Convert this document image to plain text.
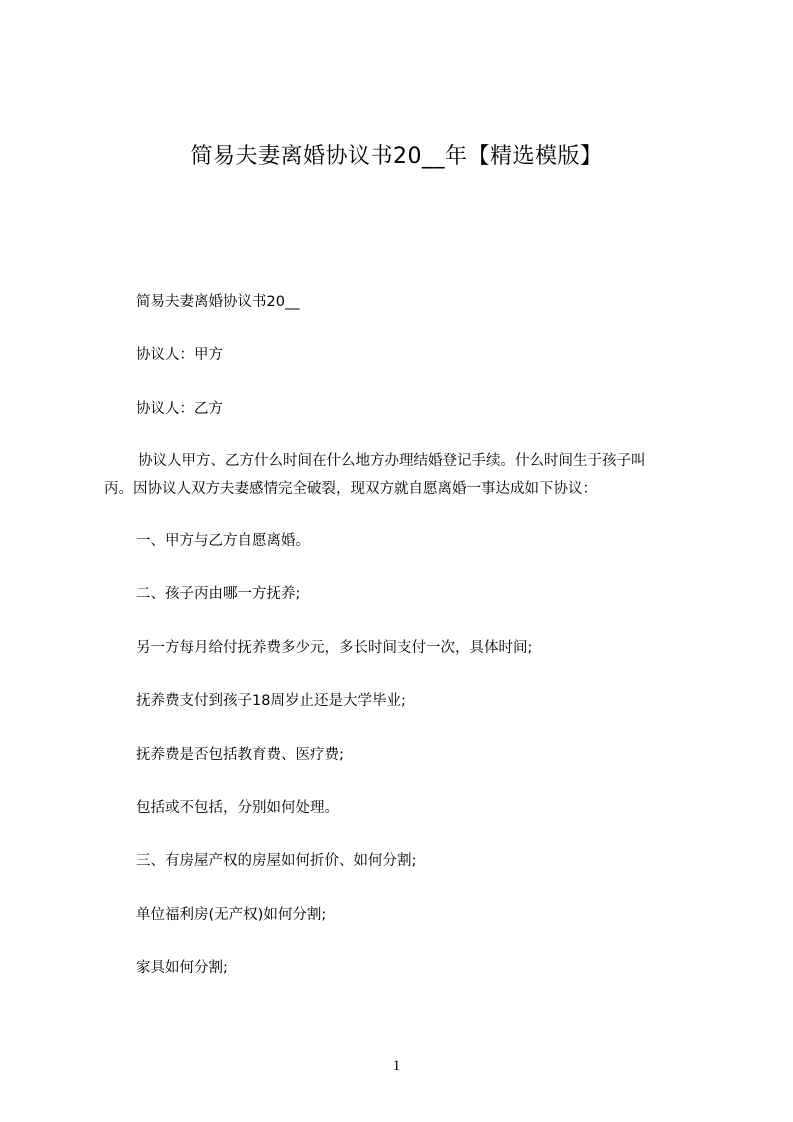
简易夫妻离婚协议书20__年【精选模版】
简易夫妻离婚协议书20__
协议人：甲方
协议人：乙方
协议人甲方、乙方什么时间在什么地方办理结婚登记手续。什么时间生于孩子叫
丙。因协议人双方夫妻感情完全破裂，现双方就自愿离婚一事达成如下协议：
一、甲方与乙方自愿离婚。
二、孩子丙由哪一方抚养;
另一方每月给付抚养费多少元，多长时间支付一次，具体时间;
抚养费支付到孩子18周岁止还是大学毕业;
抚养费是否包括教育费、医疗费;
包括或不包括，分别如何处理。
三、有房屋产权的房屋如何折价、如何分割;
单位福利房(无产权)如何分割;
家具如何分割;
1
